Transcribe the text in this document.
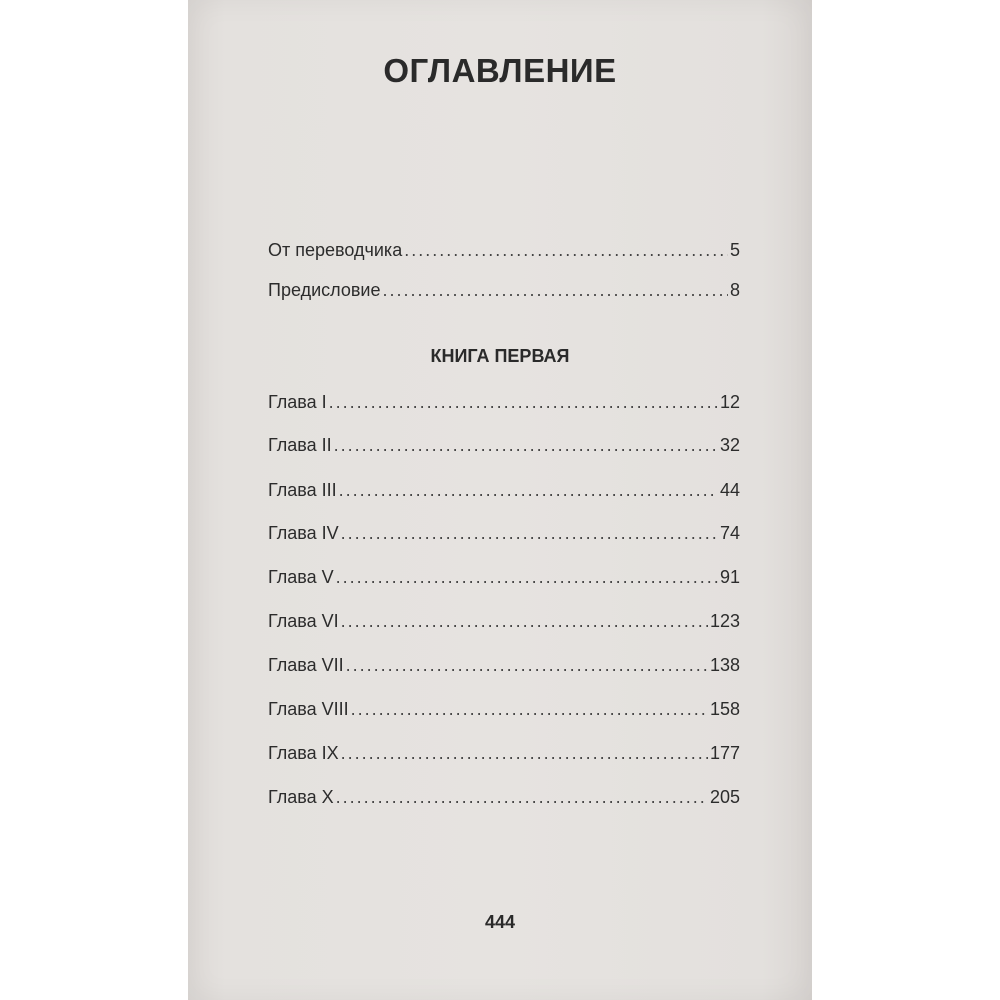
ОГЛАВЛЕНИЕ
От переводчика .....	5
Предисловие .....	8
КНИГА ПЕРВАЯ
Глава I .....	12
Глава II .....	32
Глава III .....	44
Глава IV .....	74
Глава V .....	91
Глава VI .....	123
Глава VII .....	138
Глава VIII .....	158
Глава IX .....	177
Глава X .....	205
444
